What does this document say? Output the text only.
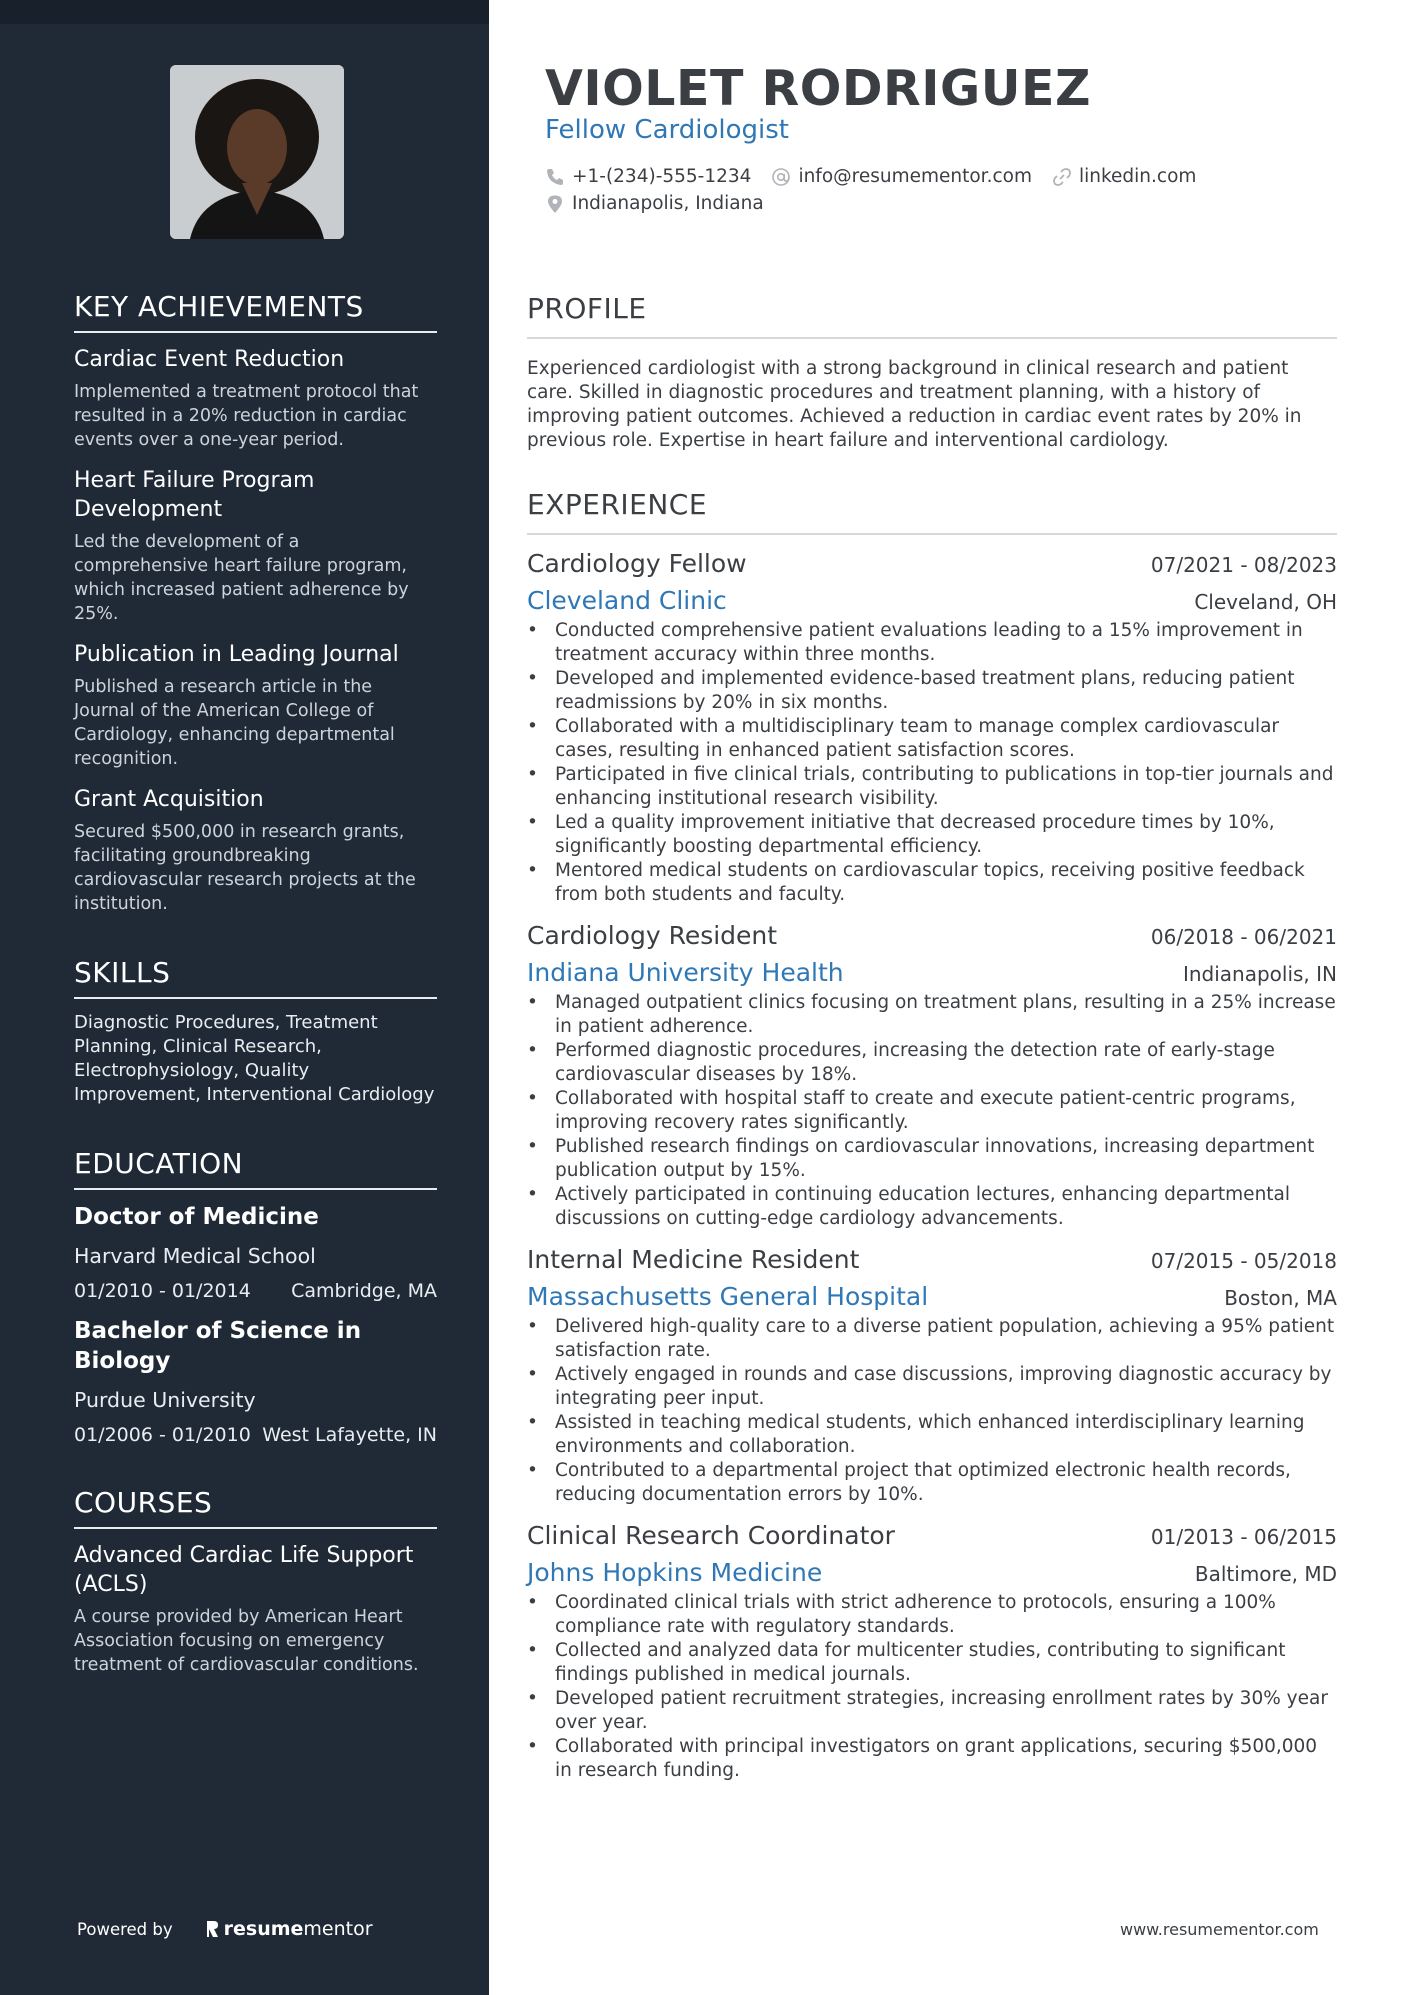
KEY ACHIEVEMENTS
Cardiac Event Reduction
Implemented a treatment protocol that resulted in a 20% reduction in cardiac events over a one-year period.
Heart Failure Program Development
Led the development of a comprehensive heart failure program, which increased patient adherence by 25%.
Publication in Leading Journal
Published a research article in the Journal of the American College of Cardiology, enhancing departmental recognition.
Grant Acquisition
Secured $500,000 in research grants, facilitating groundbreaking cardiovascular research projects at the institution.
SKILLS
Diagnostic Procedures, Treatment Planning, Clinical Research, Electrophysiology, Quality Improvement, Interventional Cardiology
EDUCATION
Doctor of Medicine
Harvard Medical School
01/2010 - 01/2014 Cambridge, MA
Bachelor of Science in Biology
Purdue University
01/2006 - 01/2010 West Lafayette, IN
COURSES
Advanced Cardiac Life Support (ACLS)
A course provided by American Heart Association focusing on emergency treatment of cardiovascular conditions.
Powered by	resume mentor
VIOLET RODRIGUEZ
Fellow Cardiologist
+1-(234)-555-1234	info@resumementor.com	linkedin.com
Indianapolis, Indiana
PROFILE
Experienced cardiologist with a strong background in clinical research and patient care. Skilled in diagnostic procedures and treatment planning, with a history of improving patient outcomes. Achieved a reduction in cardiac event rates by 20% in previous role. Expertise in heart failure and interventional cardiology.
EXPERIENCE
Cardiology Fellow	07/2021 - 08/2023
Cleveland Clinic	Cleveland, OH
• Conducted comprehensive patient evaluations leading to a 15% improvement in treatment accuracy within three months.
• Developed and implemented evidence-based treatment plans, reducing patient readmissions by 20% in six months.
• Collaborated with a multidisciplinary team to manage complex cardiovascular cases, resulting in enhanced patient satisfaction scores.
• Participated in five clinical trials, contributing to publications in top-tier journals and enhancing institutional research visibility.
• Led a quality improvement initiative that decreased procedure times by 10%, significantly boosting departmental efficiency.
• Mentored medical students on cardiovascular topics, receiving positive feedback from both students and faculty.
Cardiology Resident	06/2018 - 06/2021
Indiana University Health	Indianapolis, IN
• Managed outpatient clinics focusing on treatment plans, resulting in a 25% increase in patient adherence.
• Performed diagnostic procedures, increasing the detection rate of early-stage cardiovascular diseases by 18%.
• Collaborated with hospital staff to create and execute patient-centric programs, improving recovery rates significantly.
• Published research findings on cardiovascular innovations, increasing department publication output by 15%.
• Actively participated in continuing education lectures, enhancing departmental discussions on cutting-edge cardiology advancements.
Internal Medicine Resident	07/2015 - 05/2018
Massachusetts General Hospital	Boston, MA
• Delivered high-quality care to a diverse patient population, achieving a 95% patient satisfaction rate.
• Actively engaged in rounds and case discussions, improving diagnostic accuracy by integrating peer input.
• Assisted in teaching medical students, which enhanced interdisciplinary learning environments and collaboration.
• Contributed to a departmental project that optimized electronic health records, reducing documentation errors by 10%.
Clinical Research Coordinator	01/2013 - 06/2015
Johns Hopkins Medicine	Baltimore, MD
• Coordinated clinical trials with strict adherence to protocols, ensuring a 100% compliance rate with regulatory standards.
• Collected and analyzed data for multicenter studies, contributing to significant findings published in medical journals.
• Developed patient recruitment strategies, increasing enrollment rates by 30% year over year.
• Collaborated with principal investigators on grant applications, securing $500,000 in research funding.
www.resumementor.com
